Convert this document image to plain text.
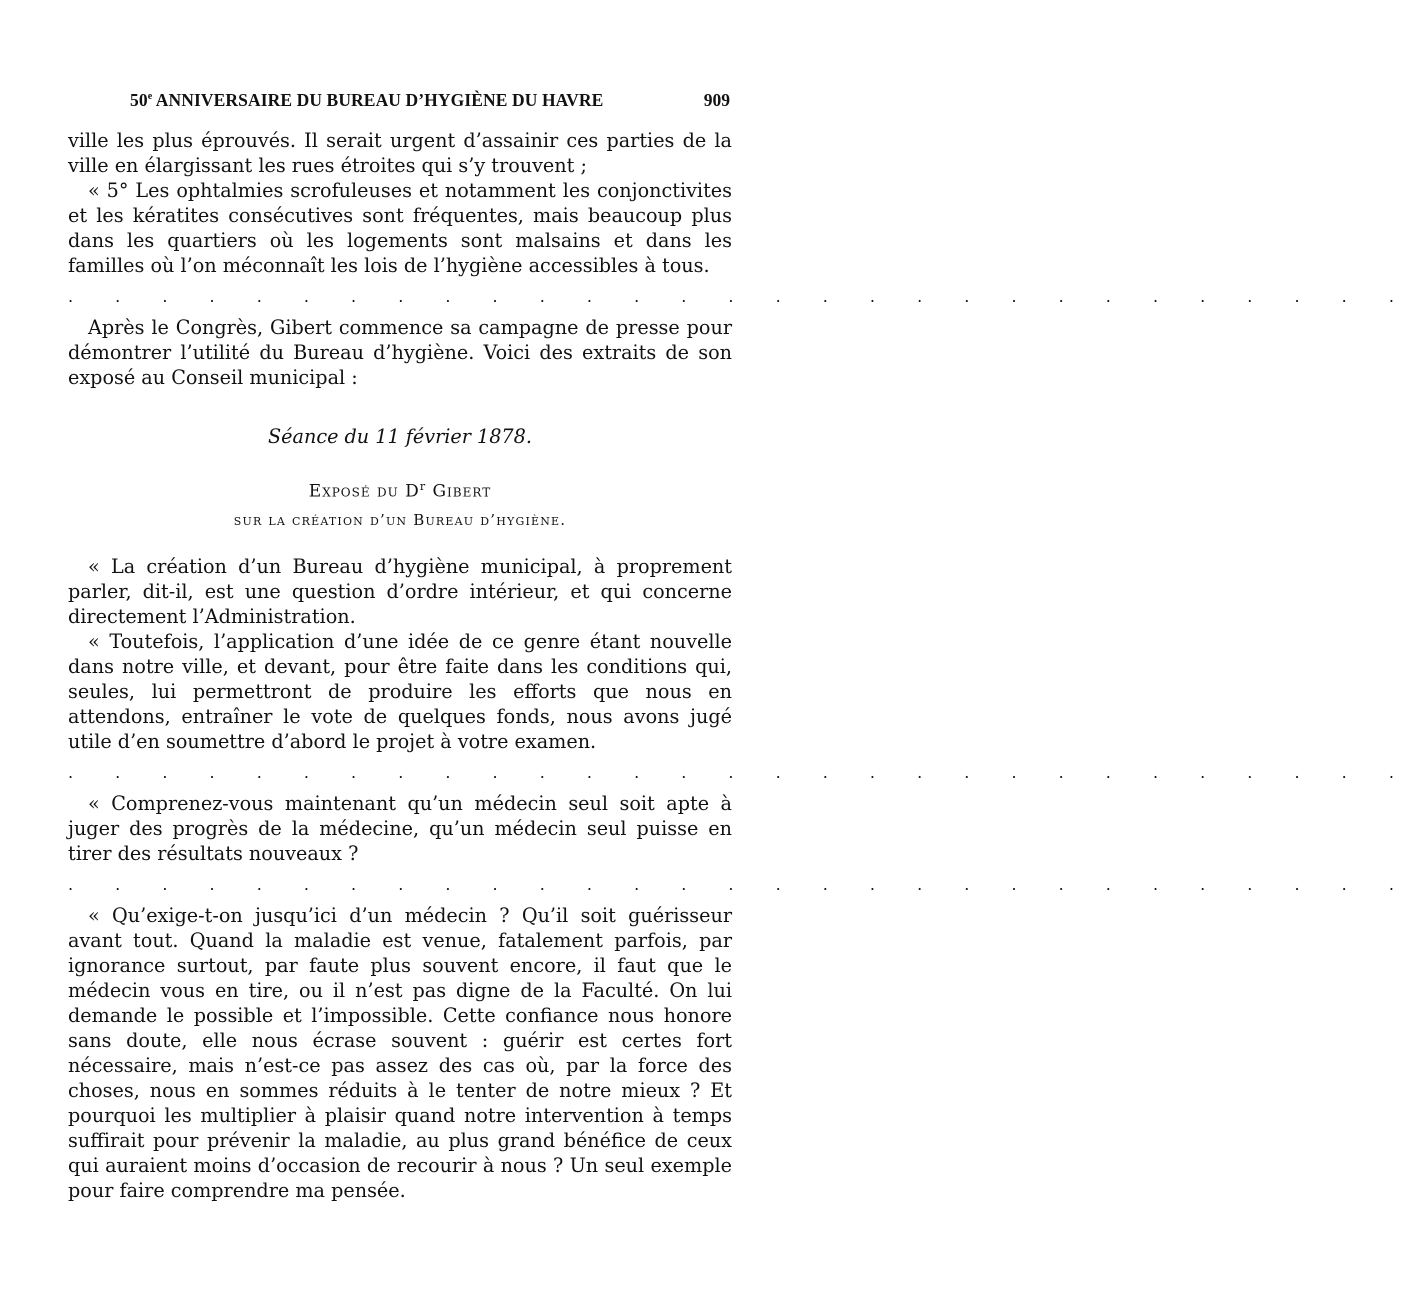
50e ANNIVERSAIRE DU BUREAU D’HYGIÈNE DU HAVRE	909

ville les plus éprouvés. Il serait urgent d’assainir ces parties de la ville en élargissant les rues étroites qui s’y trouvent ;

« 5° Les ophtalmies scrofuleuses et notamment les conjonctivites et les kératites consécutives sont fréquentes, mais beaucoup plus dans les quartiers où les logements sont malsains et dans les familles où l’on méconnaît les lois de l’hygiène accessibles à tous.

. . . . . . . . . . . . . . . . . . . . . . . . . . . . .

Après le Congrès, Gibert commence sa campagne de presse pour démontrer l’utilité du Bureau d’hygiène. Voici des extraits de son exposé au Conseil municipal :

Séance du 11 février 1878.
Exposé du $D^r$ Gibert
sur la création d’un Bureau d’hygiène.

« La création d’un Bureau d’hygiène municipal, à proprement parler, dit-il, est une question d’ordre intérieur, et qui concerne directement l’Administration.

« Toutefois, l’application d’une idée de ce genre étant nouvelle dans notre ville, et devant, pour être faite dans les conditions qui, seules, lui permettront de produire les efforts que nous en attendons, entraîner le vote de quelques fonds, nous avons jugé utile d’en soumettre d’abord le projet à votre examen.

. . . . . . . . . . . . . . . . . . . . . . . . . . . . .

« Comprenez-vous maintenant qu’un médecin seul soit apte à juger des progrès de la médecine, qu’un médecin seul puisse en tirer des résultats nouveaux ?

. . . . . . . . . . . . . . . . . . . . . . . . . . . . .

« Qu’exige-t-on jusqu’ici d’un médecin ? Qu’il soit guérisseur avant tout. Quand la maladie est venue, fatalement parfois, par ignorance surtout, par faute plus souvent encore, il faut que le médecin vous en tire, ou il n’est pas digne de la Faculté. On lui demande le possible et l’impossible. Cette confiance nous honore sans doute, elle nous écrase souvent : guérir est certes fort nécessaire, mais n’est-ce pas assez des cas où, par la force des choses, nous en sommes réduits à le tenter de notre mieux ? Et pourquoi les multiplier à plaisir quand notre intervention à temps suffirait pour prévenir la maladie, au plus grand bénéfice de ceux qui auraient moins d’occasion de recourir à nous ? Un seul exemple pour faire comprendre ma pensée.
